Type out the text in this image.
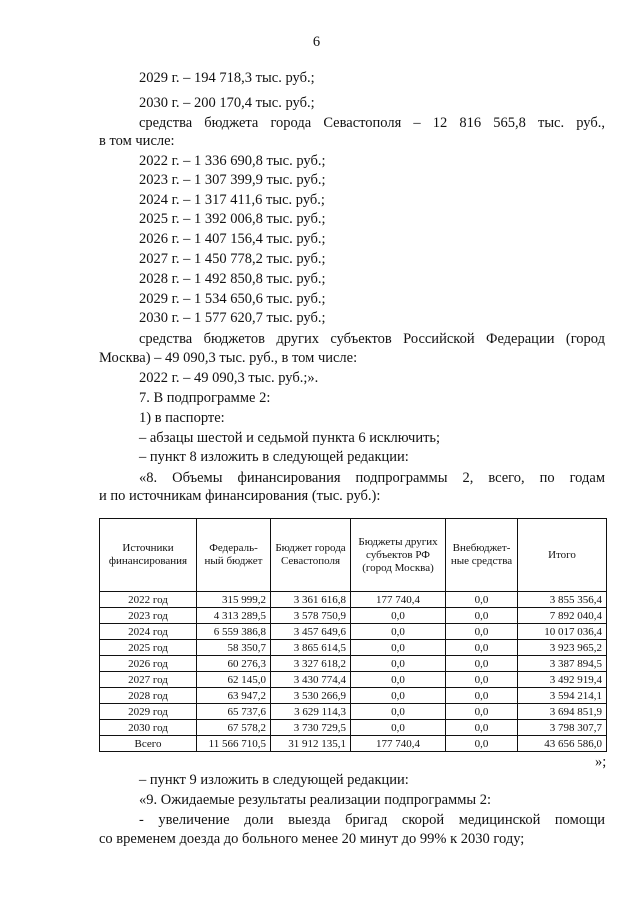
6
2029 г. – 194 718,3 тыс. руб.;
2030 г. – 200 170,4 тыс. руб.;
средства бюджета города Севастополя – 12 816 565,8 тыс. руб.,
в том числе:
2022 г. – 1 336 690,8 тыс. руб.;
2023 г. – 1 307 399,9 тыс. руб.;
2024 г. – 1 317 411,6 тыс. руб.;
2025 г. – 1 392 006,8 тыс. руб.;
2026 г. – 1 407 156,4 тыс. руб.;
2027 г. – 1 450 778,2 тыс. руб.;
2028 г. – 1 492 850,8 тыс. руб.;
2029 г. – 1 534 650,6 тыс. руб.;
2030 г. – 1 577 620,7 тыс. руб.;
средства бюджетов других субъектов Российской Федерации (город
Москва) – 49 090,3 тыс. руб., в том числе:
2022 г. – 49 090,3 тыс. руб.;».
7. В подпрограмме 2:
1) в паспорте:
– абзацы шестой и седьмой пункта 6 исключить;
– пункт 8 изложить в следующей редакции:
«8. Объемы финансирования подпрограммы 2, всего, по годам
и по источникам финансирования (тыс. руб.):
Источники финансирования	Федераль-ный бюджет	Бюджет города Севастополя	Бюджеты других субъектов РФ (город Москва)	Внебюджет-ные средства	Итого
2022 год	315 999,2	3 361 616,8	177 740,4	0,0	3 855 356,4
2023 год	4 313 289,5	3 578 750,9	0,0	0,0	7 892 040,4
2024 год	6 559 386,8	3 457 649,6	0,0	0,0	10 017 036,4
2025 год	58 350,7	3 865 614,5	0,0	0,0	3 923 965,2
2026 год	60 276,3	3 327 618,2	0,0	0,0	3 387 894,5
2027 год	62 145,0	3 430 774,4	0,0	0,0	3 492 919,4
2028 год	63 947,2	3 530 266,9	0,0	0,0	3 594 214,1
2029 год	65 737,6	3 629 114,3	0,0	0,0	3 694 851,9
2030 год	67 578,2	3 730 729,5	0,0	0,0	3 798 307,7
Всего	11 566 710,5	31 912 135,1	177 740,4	0,0	43 656 586,0
»;
– пункт 9 изложить в следующей редакции:
«9. Ожидаемые результаты реализации подпрограммы 2:
- увеличение доли выезда бригад скорой медицинской помощи
со временем доезда до больного менее 20 минут до 99% к 2030 году;
